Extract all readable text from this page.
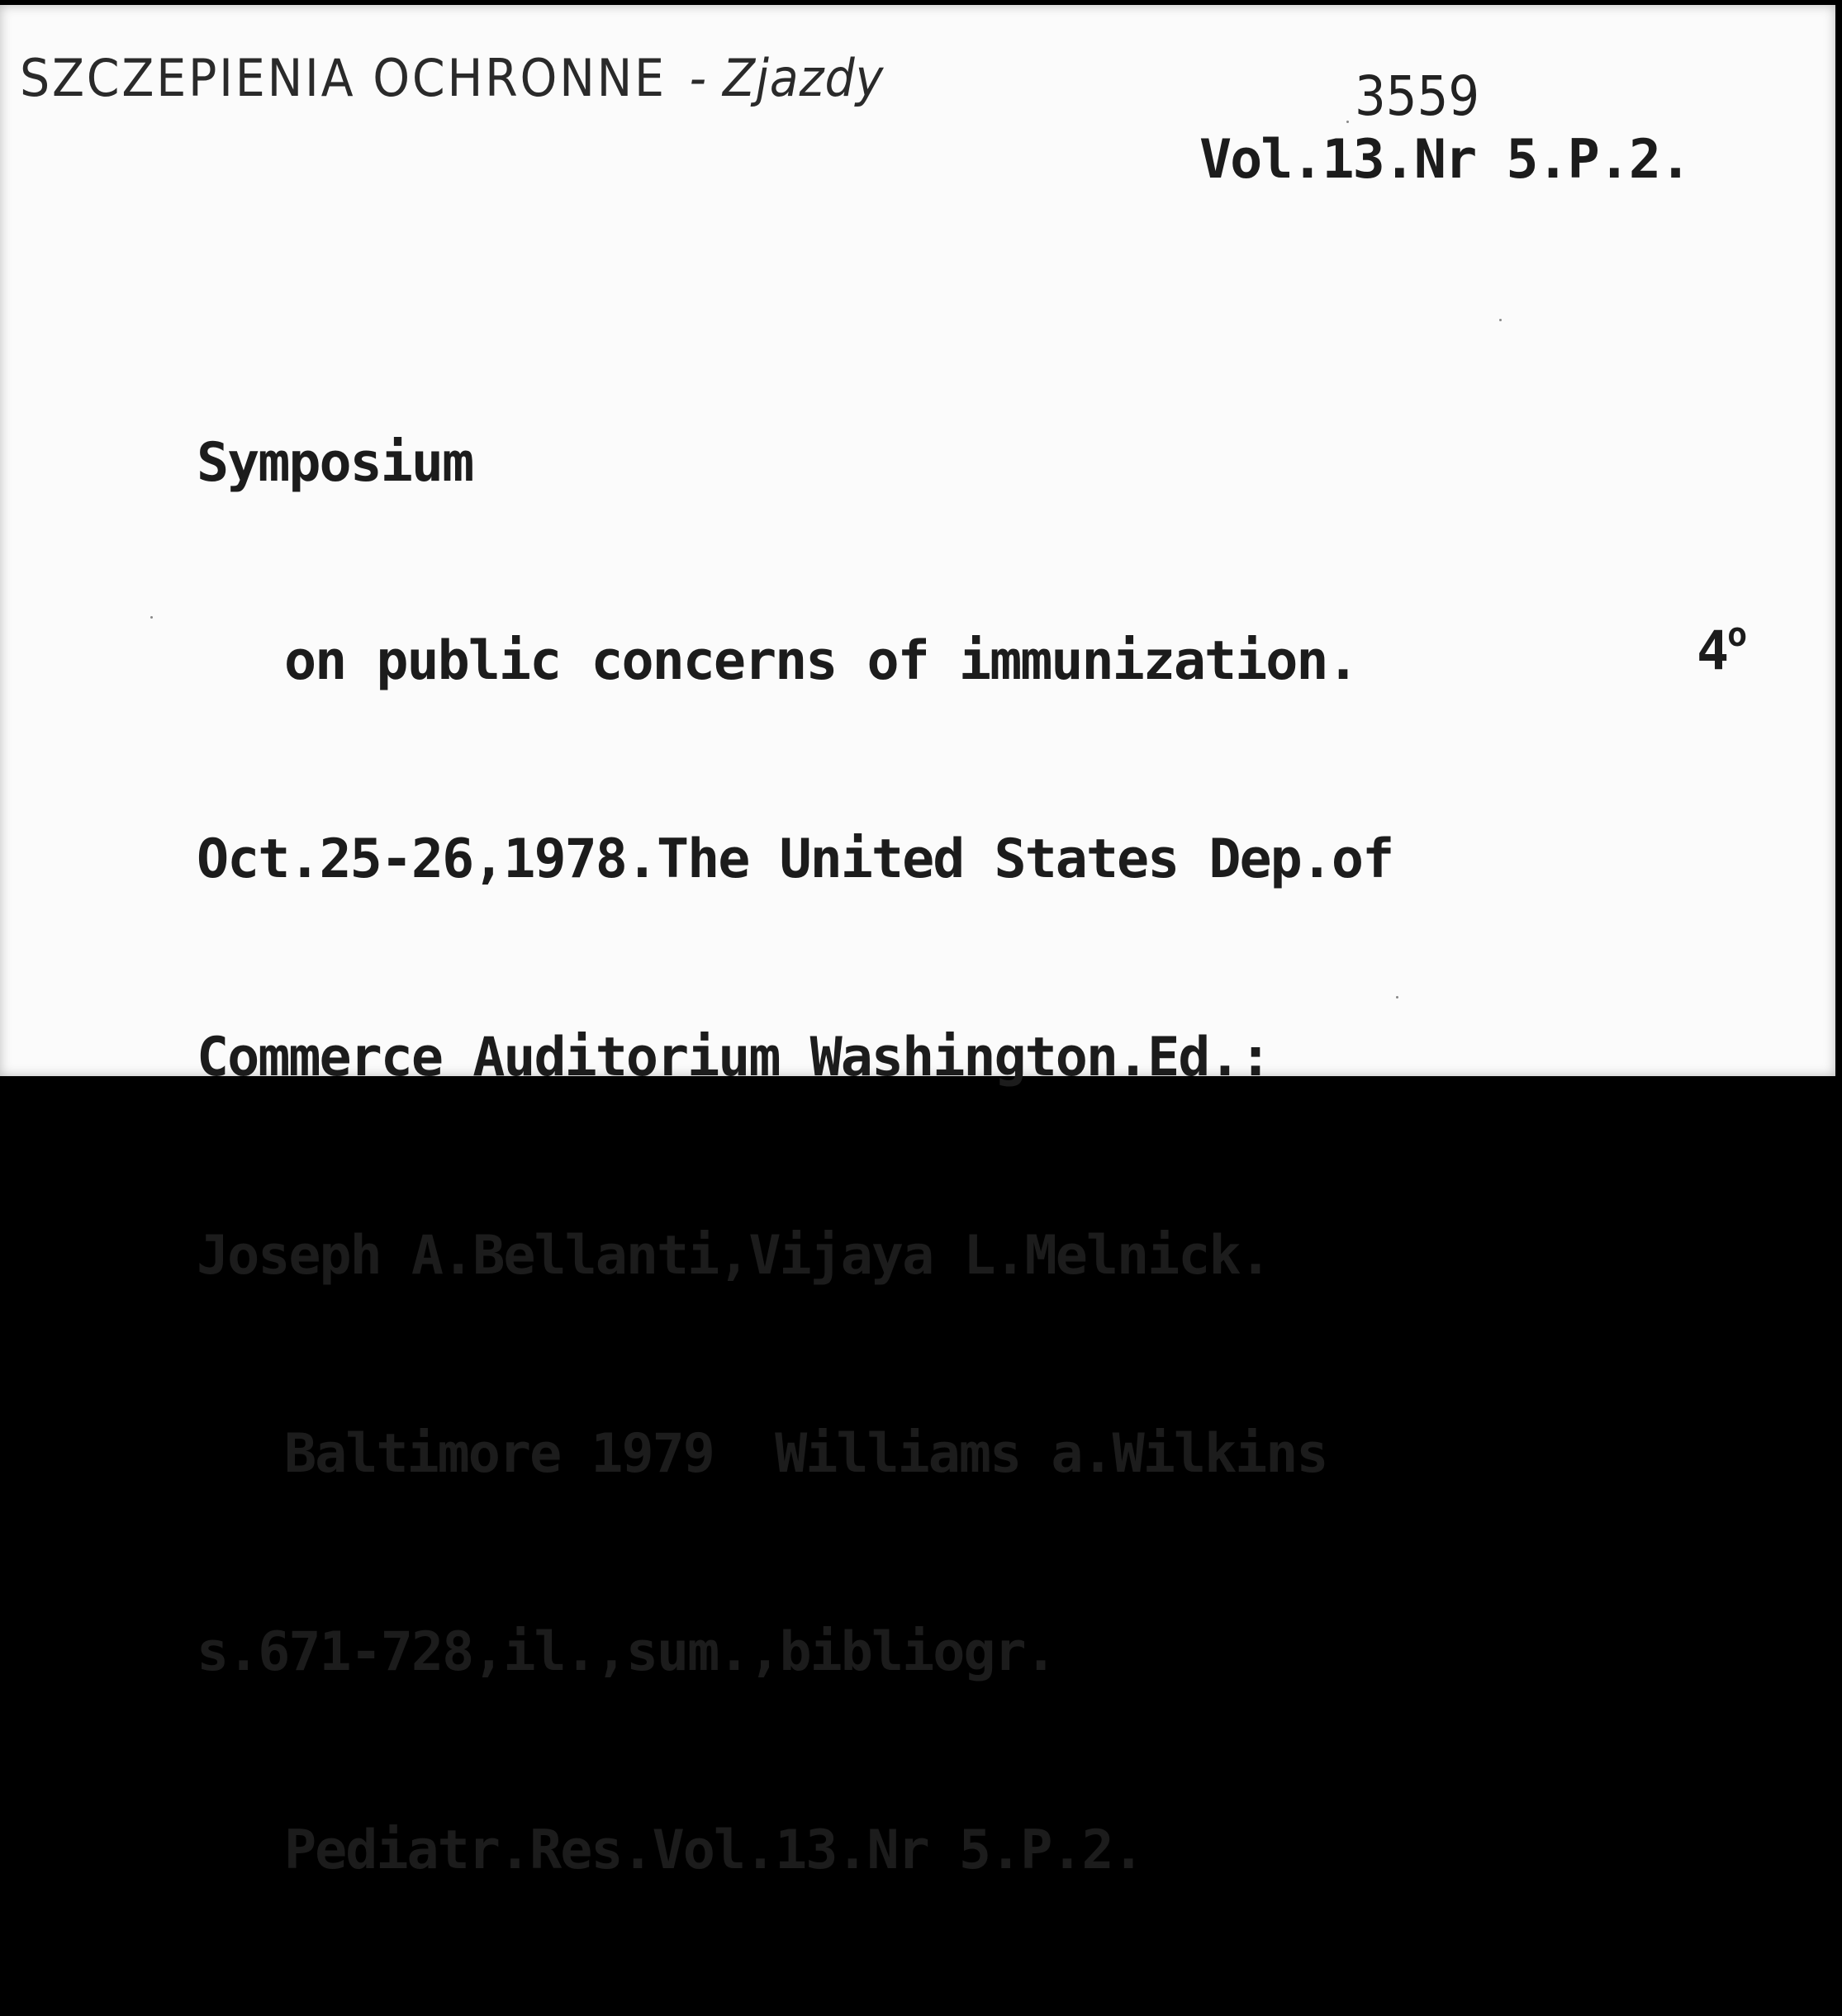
SZCZEPIENIA OCHRONNE - Zjazdy	3559
Vol.13.Nr 5.P.2.

Symposium

on public concerns of immunization.

Oct.25-26,1978.The United States Dep.of

Commerce Auditorium Washington.Ed.:

Joseph A.Bellanti,Vijaya L.Melnick.

Baltimore 1979  Williams a.Wilkins

s.671-728,il.,sum.,bibliogr.

Pediatr.Res.Vol.13.Nr 5.P.2.

4$^o$
